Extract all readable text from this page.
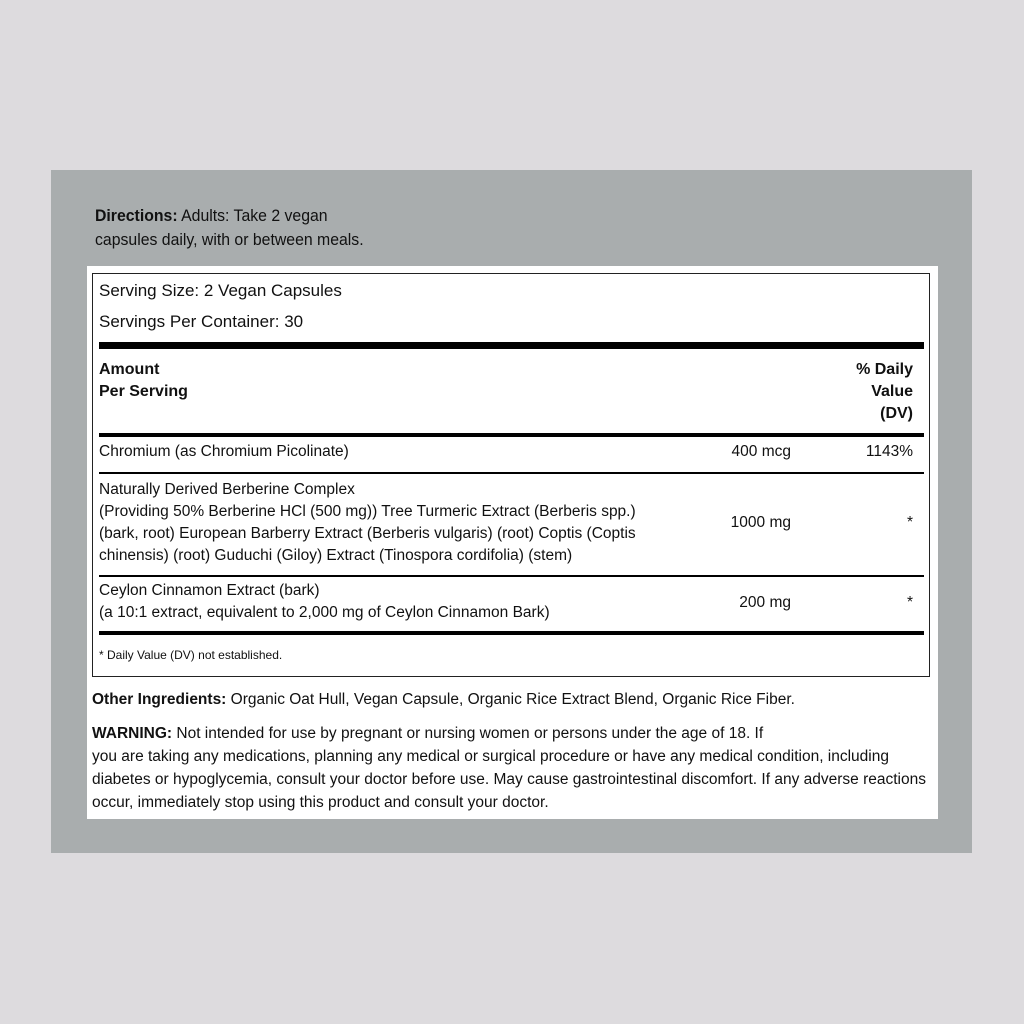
Directions: Adults: Take 2 vegan
capsules daily, with or between meals.
Serving Size: 2 Vegan Capsules
Servings Per Container: 30
Amount
Per Serving
% Daily
Value
(DV)
Chromium (as Chromium Picolinate)	400 mcg	1143%
Naturally Derived Berberine Complex
(Providing 50% Berberine HCl (500 mg)) Tree Turmeric Extract (Berberis spp.)
(bark, root) European Barberry Extract (Berberis vulgaris) (root) Coptis (Coptis
chinensis) (root) Guduchi (Giloy) Extract (Tinospora cordifolia) (stem)
1000 mg	*
Ceylon Cinnamon Extract (bark)
(a 10:1 extract, equivalent to 2,000 mg of Ceylon Cinnamon Bark)
200 mg	*
* Daily Value (DV) not established.
Other Ingredients: Organic Oat Hull, Vegan Capsule, Organic Rice Extract Blend, Organic Rice Fiber.

WARNING: Not intended for use by pregnant or nursing women or persons under the age of 18. If

you are taking any medications, planning any medical or surgical procedure or have any medical condition, including

diabetes or hypoglycemia, consult your doctor before use. May cause gastrointestinal discomfort. If any adverse reactions

occur, immediately stop using this product and consult your doctor.
